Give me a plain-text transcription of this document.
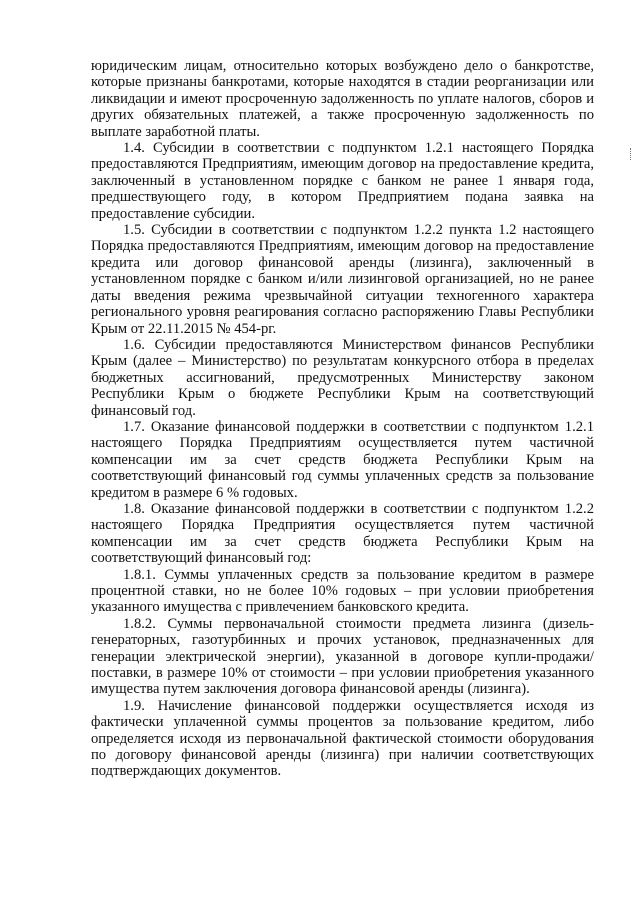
юридическим лицам, относительно которых возбуждено дело о банкротстве, которые признаны банкротами, которые находятся в стадии реорганизации или ликвидации и имеют просроченную задолженность по уплате налогов, сборов и других обязательных платежей, а также просроченную задолженность по выплате заработной платы.

1.4. Субсидии в соответствии с подпунктом 1.2.1 настоящего Порядка предоставляются Предприятиям, имеющим договор на предоставление кредита, заключенный в установленном порядке с банком не ранее 1 января года, предшествующего году, в котором Предприятием подана заявка на предоставление субсидии.

1.5. Субсидии в соответствии с подпунктом 1.2.2 пункта 1.2 настоящего Порядка предоставляются Предприятиям, имеющим договор на предоставление кредита или договор финансовой аренды (лизинга), заключенный в установленном порядке с банком и/или лизинговой организацией, но не ранее даты введения режима чрезвычайной ситуации техногенного характера регионального уровня реагирования согласно распоряжению Главы Республики Крым от 22.11.2015 № 454-рг.

1.6. Субсидии предоставляются Министерством финансов Республики Крым (далее – Министерство) по результатам конкурсного отбора в пределах бюджетных ассигнований, предусмотренных Министерству законом Республики Крым о бюджете Республики Крым на соответствующий финансовый год.

1.7. Оказание финансовой поддержки в соответствии с подпунктом 1.2.1 настоящего Порядка Предприятиям осуществляется путем частичной компенсации им за счет средств бюджета Республики Крым на соответствующий финансовый год суммы уплаченных средств за пользование кредитом в размере 6 % годовых.

1.8. Оказание финансовой поддержки в соответствии с подпунктом 1.2.2 настоящего Порядка Предприятия осуществляется путем частичной компенсации им за счет средств бюджета Республики Крым на соответствующий финансовый год:

1.8.1. Суммы уплаченных средств за пользование кредитом в размере процентной ставки, но не более 10% годовых – при условии приобретения указанного имущества с привлечением банковского кредита.

1.8.2. Суммы первоначальной стоимости предмета лизинга (дизель-генераторных, газотурбинных и прочих установок, предназначенных для генерации электрической энергии), указанной в договоре купли-продажи/поставки, в размере 10% от стоимости – при условии приобретения указанного имущества путем заключения договора финансовой аренды (лизинга).

1.9. Начисление финансовой поддержки осуществляется исходя из фактически уплаченной суммы процентов за пользование кредитом, либо определяется исходя из первоначальной фактической стоимости оборудования по договору финансовой аренды (лизинга) при наличии соответствующих подтверждающих документов.
